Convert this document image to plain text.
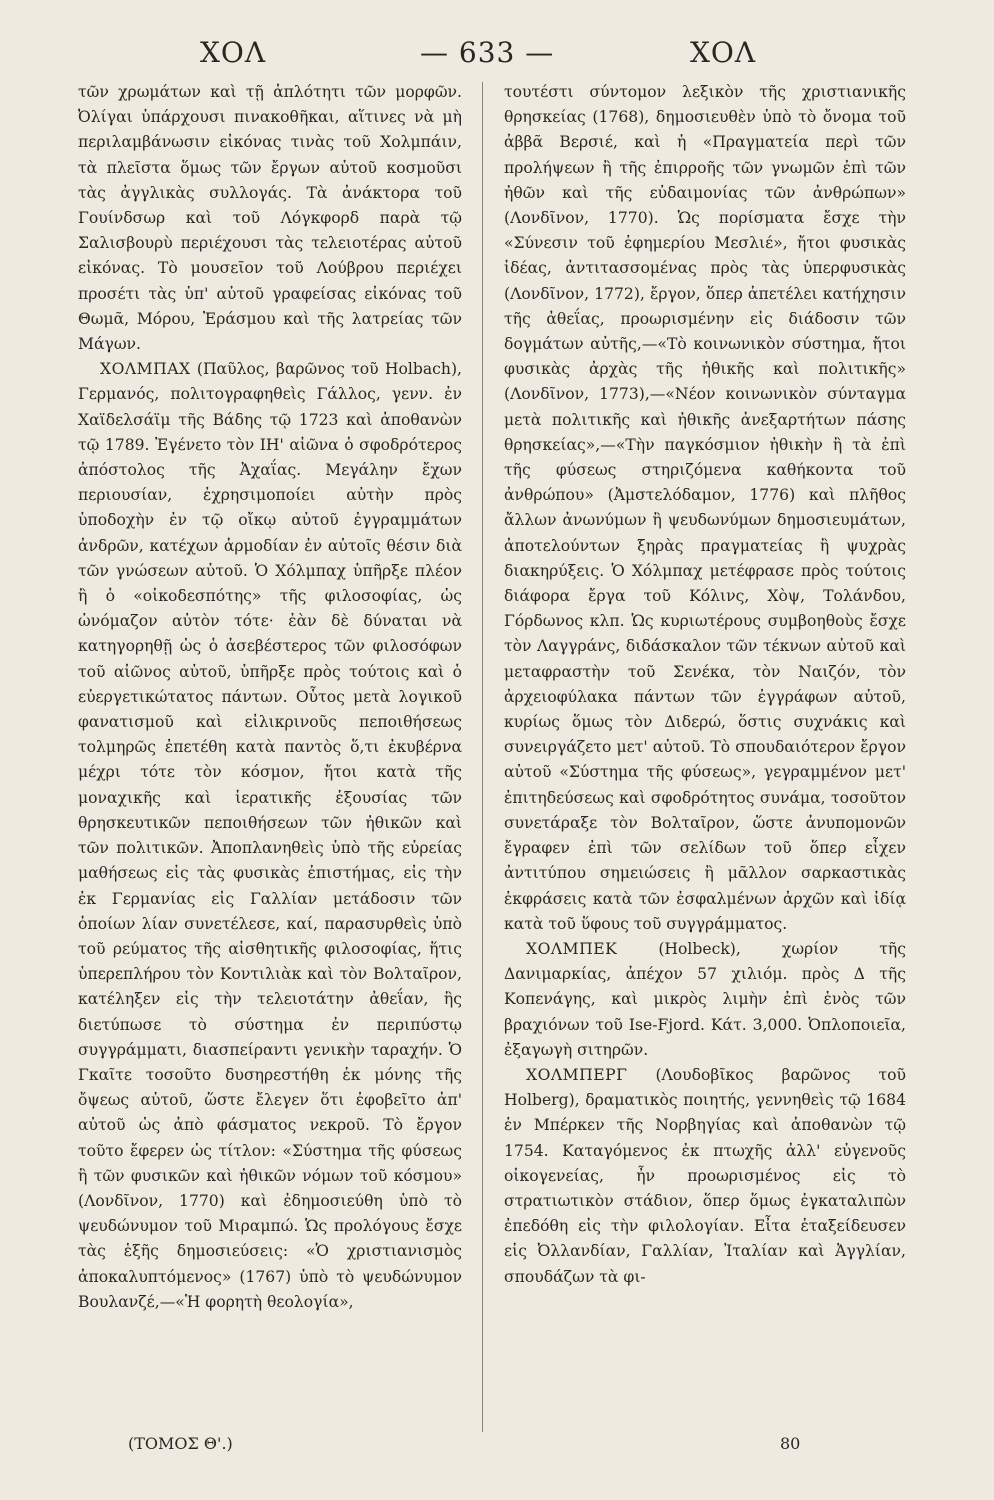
ΧΟΛ	— 633 —	ΧΟΛ

τῶν χρωμάτων καὶ τῇ ἁπλότητι τῶν μορφῶν. Ὀλίγαι ὑπάρχουσι πινακοθῆκαι, αἵτινες νὰ μὴ περιλαμβάνωσιν εἰκόνας τινὰς τοῦ Χολμπάιν, τὰ πλεῖστα ὅμως τῶν ἔργων αὐτοῦ κοσμοῦσι τὰς ἀγγλικὰς συλλογάς. Τὰ ἀνάκτορα τοῦ Γουίνδσωρ καὶ τοῦ Λόγκφορδ παρὰ τῷ Σαλισβουρὺ περιέχουσι τὰς τελειοτέρας αὐτοῦ εἰκόνας. Τὸ μουσεῖον τοῦ Λούβρου περιέχει προσέτι τὰς ὑπ' αὐτοῦ γραφείσας εἰκόνας τοῦ Θωμᾶ, Μόρου, Ἐράσμου καὶ τῆς λατρείας τῶν Μάγων.

ΧΟΛΜΠΑΧ (Παῦλος, βαρῶνος τοῦ Holbach), Γερμανός, πολιτογραφηθεὶς Γάλλος, γενν. ἐν Χαϊδελσάϊμ τῆς Βάδης τῷ 1723 καὶ ἀποθανὼν τῷ 1789. Ἐγένετο τὸν ΙΗ' αἰῶνα ὁ σφοδρότερος ἀπόστολος τῆς Ἀχαΐας. Μεγάλην ἔχων περιουσίαν, ἐχρησιμοποίει αὐτὴν πρὸς ὑποδοχὴν ἐν τῷ οἴκῳ αὐτοῦ ἐγγραμμάτων ἀνδρῶν, κατέχων ἁρμοδίαν ἐν αὐτοῖς θέσιν διὰ τῶν γνώσεων αὐτοῦ. Ὁ Χόλμπαχ ὑπῆρξε πλέον ἢ ὁ «οἰκοδεσπότης» τῆς φιλοσοφίας, ὡς ὠνόμαζον αὐτὸν τότε· ἐὰν δὲ δύναται νὰ κατηγορηθῇ ὡς ὁ ἀσεβέστερος τῶν φιλοσόφων τοῦ αἰῶνος αὐτοῦ, ὑπῆρξε πρὸς τούτοις καὶ ὁ εὐεργετικώτατος πάντων. Οὗτος μετὰ λογικοῦ φανατισμοῦ καὶ εἰλικρινοῦς πεποιθήσεως τολμηρῶς ἐπετέθη κατὰ παντὸς ὅ,τι ἐκυβέρνα μέχρι τότε τὸν κόσμον, ἤτοι κατὰ τῆς μοναχικῆς καὶ ἱερατικῆς ἐξουσίας τῶν θρησκευτικῶν πεποιθήσεων τῶν ἠθικῶν καὶ τῶν πολιτικῶν. Ἀποπλανηθεὶς ὑπὸ τῆς εὐρείας μαθήσεως εἰς τὰς φυσικὰς ἐπιστήμας, εἰς τὴν ἐκ Γερμανίας εἰς Γαλλίαν μετάδοσιν τῶν ὁποίων λίαν συνετέλεσε, καί, παρασυρθεὶς ὑπὸ τοῦ ρεύματος τῆς αἰσθητικῆς φιλοσοφίας, ἥτις ὑπερεπλήρου τὸν Κοντιλιὰκ καὶ τὸν Βολταῖρον, κατέληξεν εἰς τὴν τελειοτάτην ἀθεΐαν, ἣς διετύπωσε τὸ σύστημα ἐν περιπύστῳ συγγράμματι, διασπείραντι γενικὴν ταραχήν. Ὁ Γκαῖτε τοσοῦτο δυσηρεστήθη ἐκ μόνης τῆς ὄψεως αὐτοῦ, ὥστε ἔλεγεν ὅτι ἐφοβεῖτο ἀπ' αὐτοῦ ὡς ἀπὸ φάσματος νεκροῦ. Τὸ ἔργον τοῦτο ἔφερεν ὡς τίτλον: «Σύστημα τῆς φύσεως ἢ τῶν φυσικῶν καὶ ἠθικῶν νόμων τοῦ κόσμου» (Λονδῖνον, 1770) καὶ ἐδημοσιεύθη ὑπὸ τὸ ψευδώνυμον τοῦ Μιραμπώ. Ὡς προλόγους ἔσχε τὰς ἑξῆς δημοσιεύσεις: «Ὁ χριστιανισμὸς ἀποκαλυπτόμενος» (1767) ὑπὸ τὸ ψευδώνυμον Βουλανζέ,—«Ἡ φορητὴ θεολογία»,

τουτέστι σύντομον λεξικὸν τῆς χριστιανικῆς θρησκείας (1768), δημοσιευθὲν ὑπὸ τὸ ὄνομα τοῦ ἀββᾶ Βερσιέ, καὶ ἡ «Πραγματεία περὶ τῶν προλήψεων ἢ τῆς ἐπιρροῆς τῶν γνωμῶν ἐπὶ τῶν ἠθῶν καὶ τῆς εὐδαιμονίας τῶν ἀνθρώπων» (Λονδῖνον, 1770). Ὡς πορίσματα ἔσχε τὴν «Σύνεσιν τοῦ ἐφημερίου Μεσλιέ», ἤτοι φυσικὰς ἰδέας, ἀντιτασσομένας πρὸς τὰς ὑπερφυσικὰς (Λονδῖνον, 1772), ἔργον, ὅπερ ἀπετέλει κατήχησιν τῆς ἀθεΐας, προωρισμένην εἰς διάδοσιν τῶν δογμάτων αὐτῆς,—«Τὸ κοινωνικὸν σύστημα, ἤτοι φυσικὰς ἀρχὰς τῆς ἠθικῆς καὶ πολιτικῆς» (Λονδῖνον, 1773),—«Νέον κοινωνικὸν σύνταγμα μετὰ πολιτικῆς καὶ ἠθικῆς ἀνεξαρτήτων πάσης θρησκείας»,—«Τὴν παγκόσμιον ἠθικὴν ἢ τὰ ἐπὶ τῆς φύσεως στηριζόμενα καθήκοντα τοῦ ἀνθρώπου» (Ἀμστελόδαμον, 1776) καὶ πλῆθος ἄλλων ἀνωνύμων ἢ ψευδωνύμων δημοσιευμάτων, ἀποτελούντων ξηρὰς πραγματείας ἢ ψυχρὰς διακηρύξεις. Ὁ Χόλμπαχ μετέφρασε πρὸς τούτοις διάφορα ἔργα τοῦ Κόλινς, Χὸψ, Τολάνδου, Γόρδωνος κλπ. Ὡς κυριωτέρους συμβοηθοὺς ἔσχε τὸν Λαγγράνς, διδάσκαλον τῶν τέκνων αὐτοῦ καὶ μεταφραστὴν τοῦ Σενέκα, τὸν Ναιζόν, τὸν ἀρχειοφύλακα πάντων τῶν ἐγγράφων αὐτοῦ, κυρίως ὅμως τὸν Διδερώ, ὅστις συχνάκις καὶ συνειργάζετο μετ' αὐτοῦ. Τὸ σπουδαιότερον ἔργον αὐτοῦ «Σύστημα τῆς φύσεως», γεγραμμένον μετ' ἐπιτηδεύσεως καὶ σφοδρότητος συνάμα, τοσοῦτον συνετάραξε τὸν Βολταῖρον, ὥστε ἀνυπομονῶν ἔγραφεν ἐπὶ τῶν σελίδων τοῦ ὅπερ εἶχεν ἀντιτύπου σημειώσεις ἢ μᾶλλον σαρκαστικὰς ἐκφράσεις κατὰ τῶν ἐσφαλμένων ἀρχῶν καὶ ἰδίᾳ κατὰ τοῦ ὕφους τοῦ συγγράμματος.

ΧΟΛΜΠΕΚ	(Holbeck), χωρίον τῆς Δανιμαρκίας, ἀπέχον 57 χιλιόμ. πρὸς Δ τῆς Κοπενάγης, καὶ μικρὸς λιμὴν ἐπὶ ἑνὸς τῶν βραχιόνων τοῦ Ise-Fjord. Κάτ. 3,000. Ὀπλοποιεῖα, ἐξαγωγὴ σιτηρῶν.

ΧΟΛΜΠΕΡΓ (Λουδοβῖκος βαρῶνος τοῦ Holberg), δραματικὸς ποιητής, γεννηθεὶς τῷ 1684 ἐν Μπέρκεν τῆς Νορβηγίας καὶ ἀποθανὼν τῷ 1754. Καταγόμενος ἐκ πτωχῆς ἀλλ' εὐγενοῦς οἰκογενείας, ἦν προωρισμένος εἰς τὸ στρατιωτικὸν στάδιον, ὅπερ ὅμως ἐγκαταλιπὼν ἐπεδόθη εἰς τὴν φιλολογίαν. Εἶτα ἐταξείδευσεν εἰς Ὀλλανδίαν, Γαλλίαν, Ἰταλίαν καὶ Ἀγγλίαν, σπουδάζων τὰ φι-

(ΤΟΜΟΣ Θ'.)	80
